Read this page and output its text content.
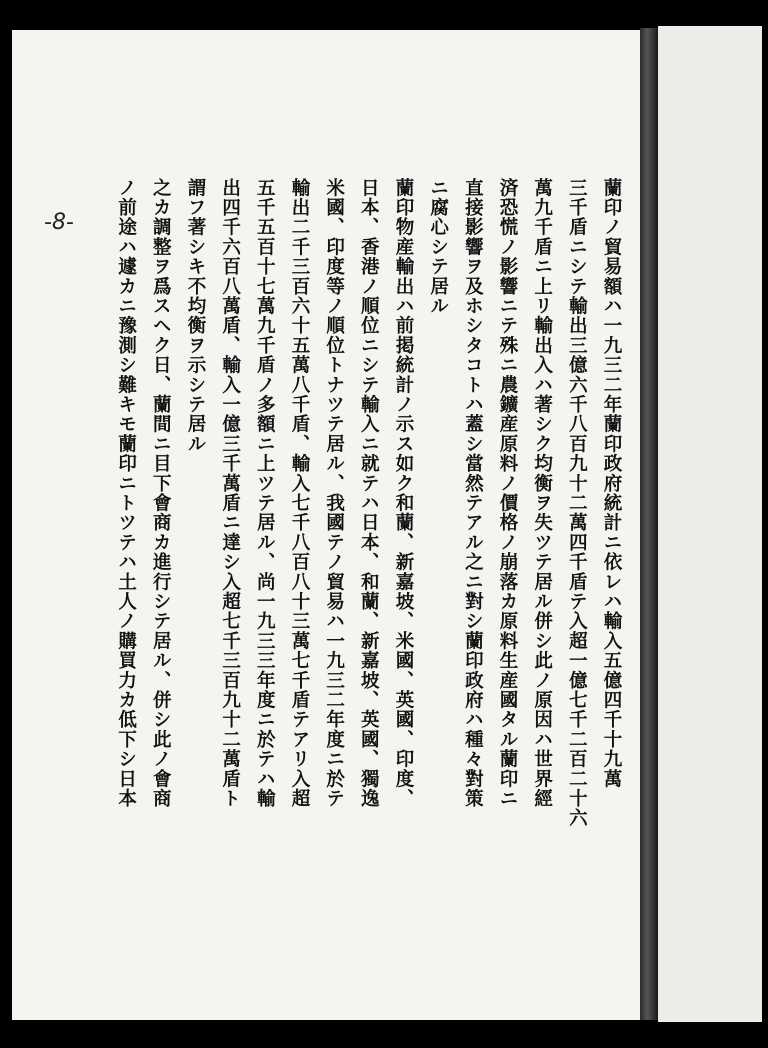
-8-	蘭印ノ貿易額ハ一九三二年蘭印政府統計ニ依レハ輸入五億四千十九萬
三千盾ニシテ輸出三億六千八百九十二萬四千盾テ入超一億七千二百二十六
萬九千盾ニ上リ輸出入ハ著シク均衡ヲ失ツテ居ル併シ此ノ原因ハ世界經
済恐慌ノ影響ニテ殊ニ農鑛産原料ノ價格ノ崩落カ原料生産國タル蘭印ニ
直接影響ヲ及ホシタコトハ蓋シ當然テアル之ニ對シ蘭印政府ハ種々對策
ニ腐心シテ居ル
蘭印物産輸出ハ前掲統計ノ示ス如ク和蘭、新嘉坡、米國、英國、印度、
日本、香港ノ順位ニシテ輸入ニ就テハ日本、和蘭、新嘉坡、英國、獨逸
米國、印度等ノ順位トナツテ居ル、我國テノ貿易ハ一九三二年度ニ於テ
輸出二千三百六十五萬八千盾、輸入七千八百八十三萬七千盾テアリ入超
五千五百十七萬九千盾ノ多額ニ上ツテ居ル、尚一九三三年度ニ於テハ輸
出四千六百八萬盾、輸入一億三千萬盾ニ達シ入超七千三百九十二萬盾ト
謂フ著シキ不均衡ヲ示シテ居ル
之カ調整ヲ爲スヘク日、蘭間ニ目下會商カ進行シテ居ル、併シ此ノ會商
ノ前途ハ遽カニ豫測シ難キモ蘭印ニトツテハ土人ノ購買力カ低下シ日本
